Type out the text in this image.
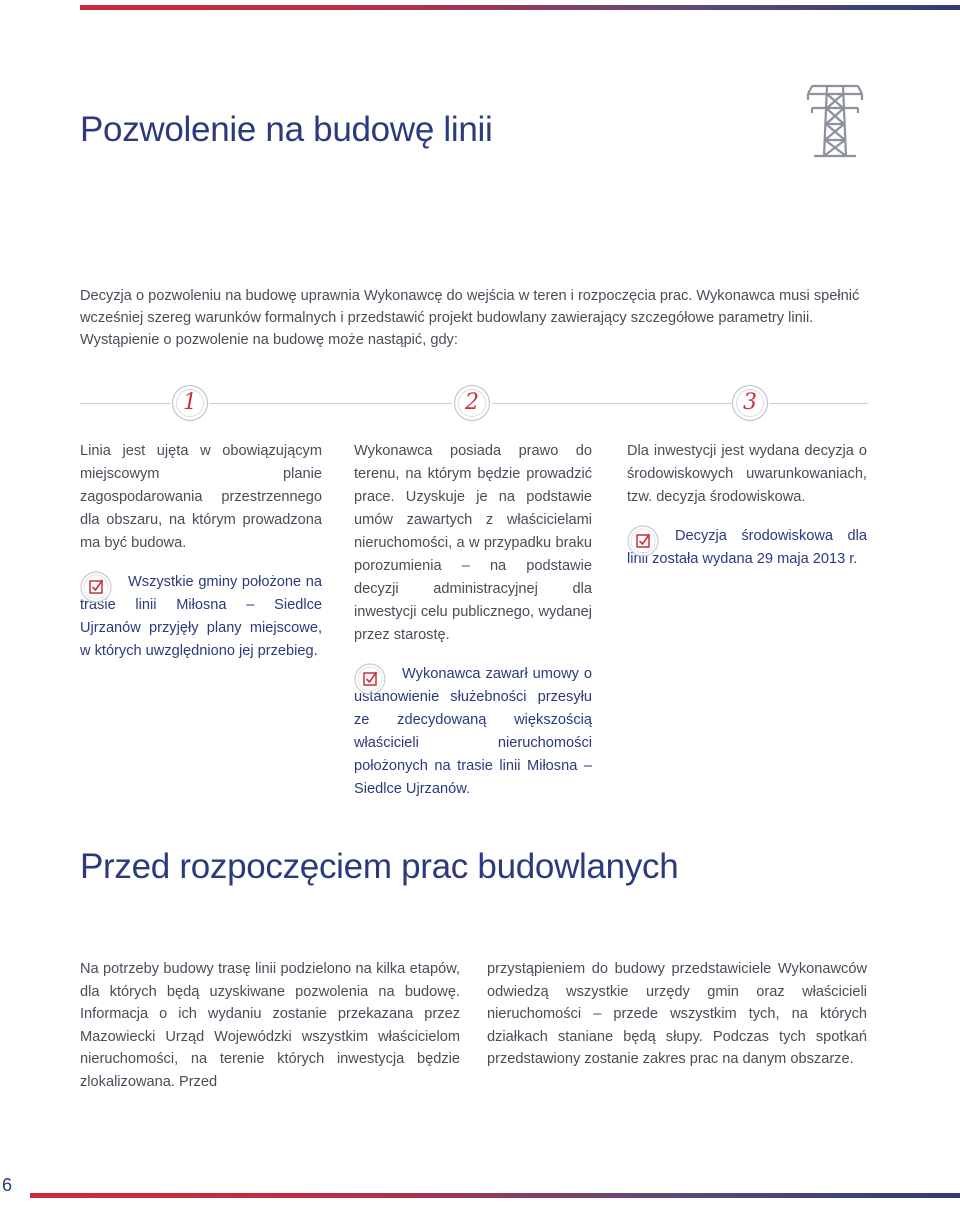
Pozwolenie na budowę linii

Decyzja o pozwoleniu na budowę uprawnia Wykonawcę do wejścia w teren i rozpoczęcia prac. Wykonawca musi spełnić wcześniej szereg warunków formalnych i przedstawić projekt budowlany zawierający szczegółowe parametry linii. Wystąpienie o pozwolenie na budowę może nastąpić, gdy:

1	2	3

Linia jest ujęta w obowiązującym miejscowym planie zagospodarowania przestrzennego dla obszaru, na którym prowadzona ma być budowa.

Wszystkie gminy położone na trasie linii Miłosna – Siedlce Ujrzanów przyjęły plany miejscowe, w których uwzględniono jej przebieg.

Wykonawca posiada prawo do terenu, na którym będzie prowadzić prace. Uzyskuje je na podstawie umów zawartych z właścicielami nieruchomości, a w przypadku braku porozumienia – na podstawie decyzji administracyjnej dla inwestycji celu publicznego, wydanej przez starostę.

Wykonawca zawarł umowy o ustanowienie służebności przesyłu ze zdecydowaną większością właścicieli nieruchomości położonych na trasie linii Miłosna – Siedlce Ujrzanów.

Dla inwestycji jest wydana decyzja o środowiskowych uwarunkowaniach, tzw. decyzja środowiskowa.

Decyzja środowiskowa dla linii została wydana 29 maja 2013 r.

Przed rozpoczęciem prac budowlanych

Na potrzeby budowy trasę linii podzielono na kilka etapów, dla których będą uzyskiwane pozwolenia na budowę. Informacja o ich wydaniu zostanie przekazana przez Mazowiecki Urząd Wojewódzki wszystkim właścicielom nieruchomości, na terenie których inwestycja będzie zlokalizowana. Przed

przystąpieniem do budowy przedstawiciele Wykonawców odwiedzą wszystkie urzędy gmin oraz właścicieli nieruchomości – przede wszystkim tych, na których działkach staniane będą słupy. Podczas tych spotkań przedstawiony zostanie zakres prac na danym obszarze.

6
